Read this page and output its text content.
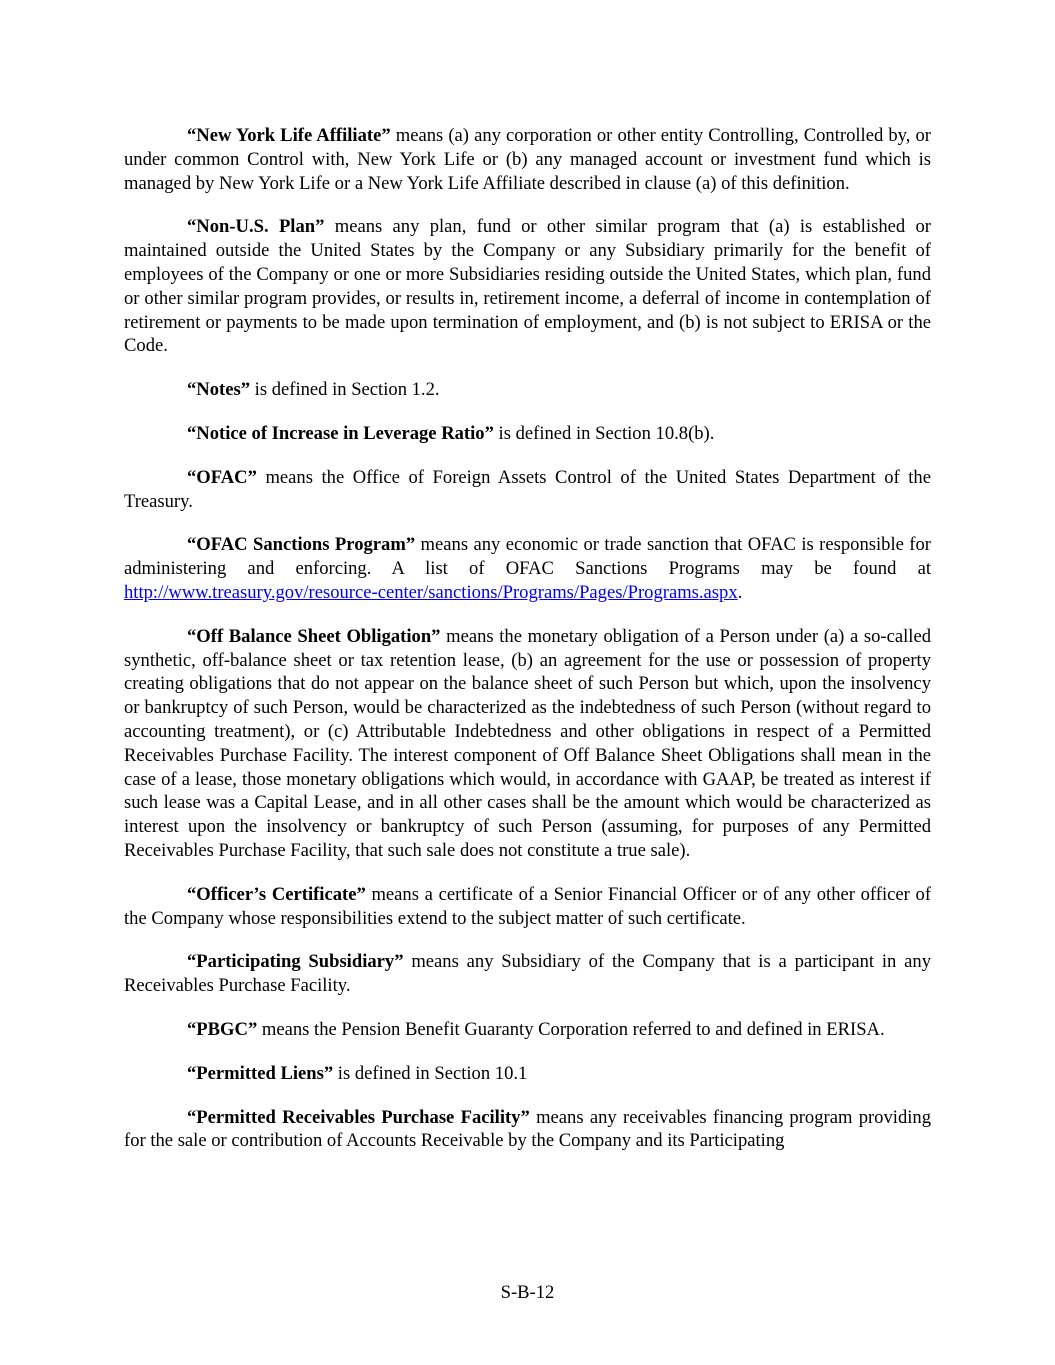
“New York Life Affiliate” means (a) any corporation or other entity Controlling, Controlled by, or under common Control with, New York Life or (b) any managed account or investment fund which is managed by New York Life or a New York Life Affiliate described in clause (a) of this definition.

“Non-U.S. Plan” means any plan, fund or other similar program that (a) is established or maintained outside the United States by the Company or any Subsidiary primarily for the benefit of employees of the Company or one or more Subsidiaries residing outside the United States, which plan, fund or other similar program provides, or results in, retirement income, a deferral of income in contemplation of retirement or payments to be made upon termination of employment, and (b) is not subject to ERISA or the Code.

“Notes” is defined in Section 1.2.

“Notice of Increase in Leverage Ratio” is defined in Section 10.8(b).

“OFAC” means the Office of Foreign Assets Control of the United States Department of the Treasury.

“OFAC Sanctions Program” means any economic or trade sanction that OFAC is responsible for administering and enforcing. A list of OFAC Sanctions Programs may be found at http://www.treasury.gov/resource-center/sanctions/Programs/Pages/Programs.aspx.

“Off Balance Sheet Obligation” means the monetary obligation of a Person under (a) a so-called synthetic, off-balance sheet or tax retention lease, (b) an agreement for the use or possession of property creating obligations that do not appear on the balance sheet of such Person but which, upon the insolvency or bankruptcy of such Person, would be characterized as the indebtedness of such Person (without regard to accounting treatment), or (c) Attributable Indebtedness and other obligations in respect of a Permitted Receivables Purchase Facility. The interest component of Off Balance Sheet Obligations shall mean in the case of a lease, those monetary obligations which would, in accordance with GAAP, be treated as interest if such lease was a Capital Lease, and in all other cases shall be the amount which would be characterized as interest upon the insolvency or bankruptcy of such Person (assuming, for purposes of any Permitted Receivables Purchase Facility, that such sale does not constitute a true sale).

“Officer’s Certificate” means a certificate of a Senior Financial Officer or of any other officer of the Company whose responsibilities extend to the subject matter of such certificate.

“Participating Subsidiary” means any Subsidiary of the Company that is a participant in any Receivables Purchase Facility.

“PBGC” means the Pension Benefit Guaranty Corporation referred to and defined in ERISA.

“Permitted Liens” is defined in Section 10.1

“Permitted Receivables Purchase Facility” means any receivables financing program providing for the sale or contribution of Accounts Receivable by the Company and its Participating

S-B-12
